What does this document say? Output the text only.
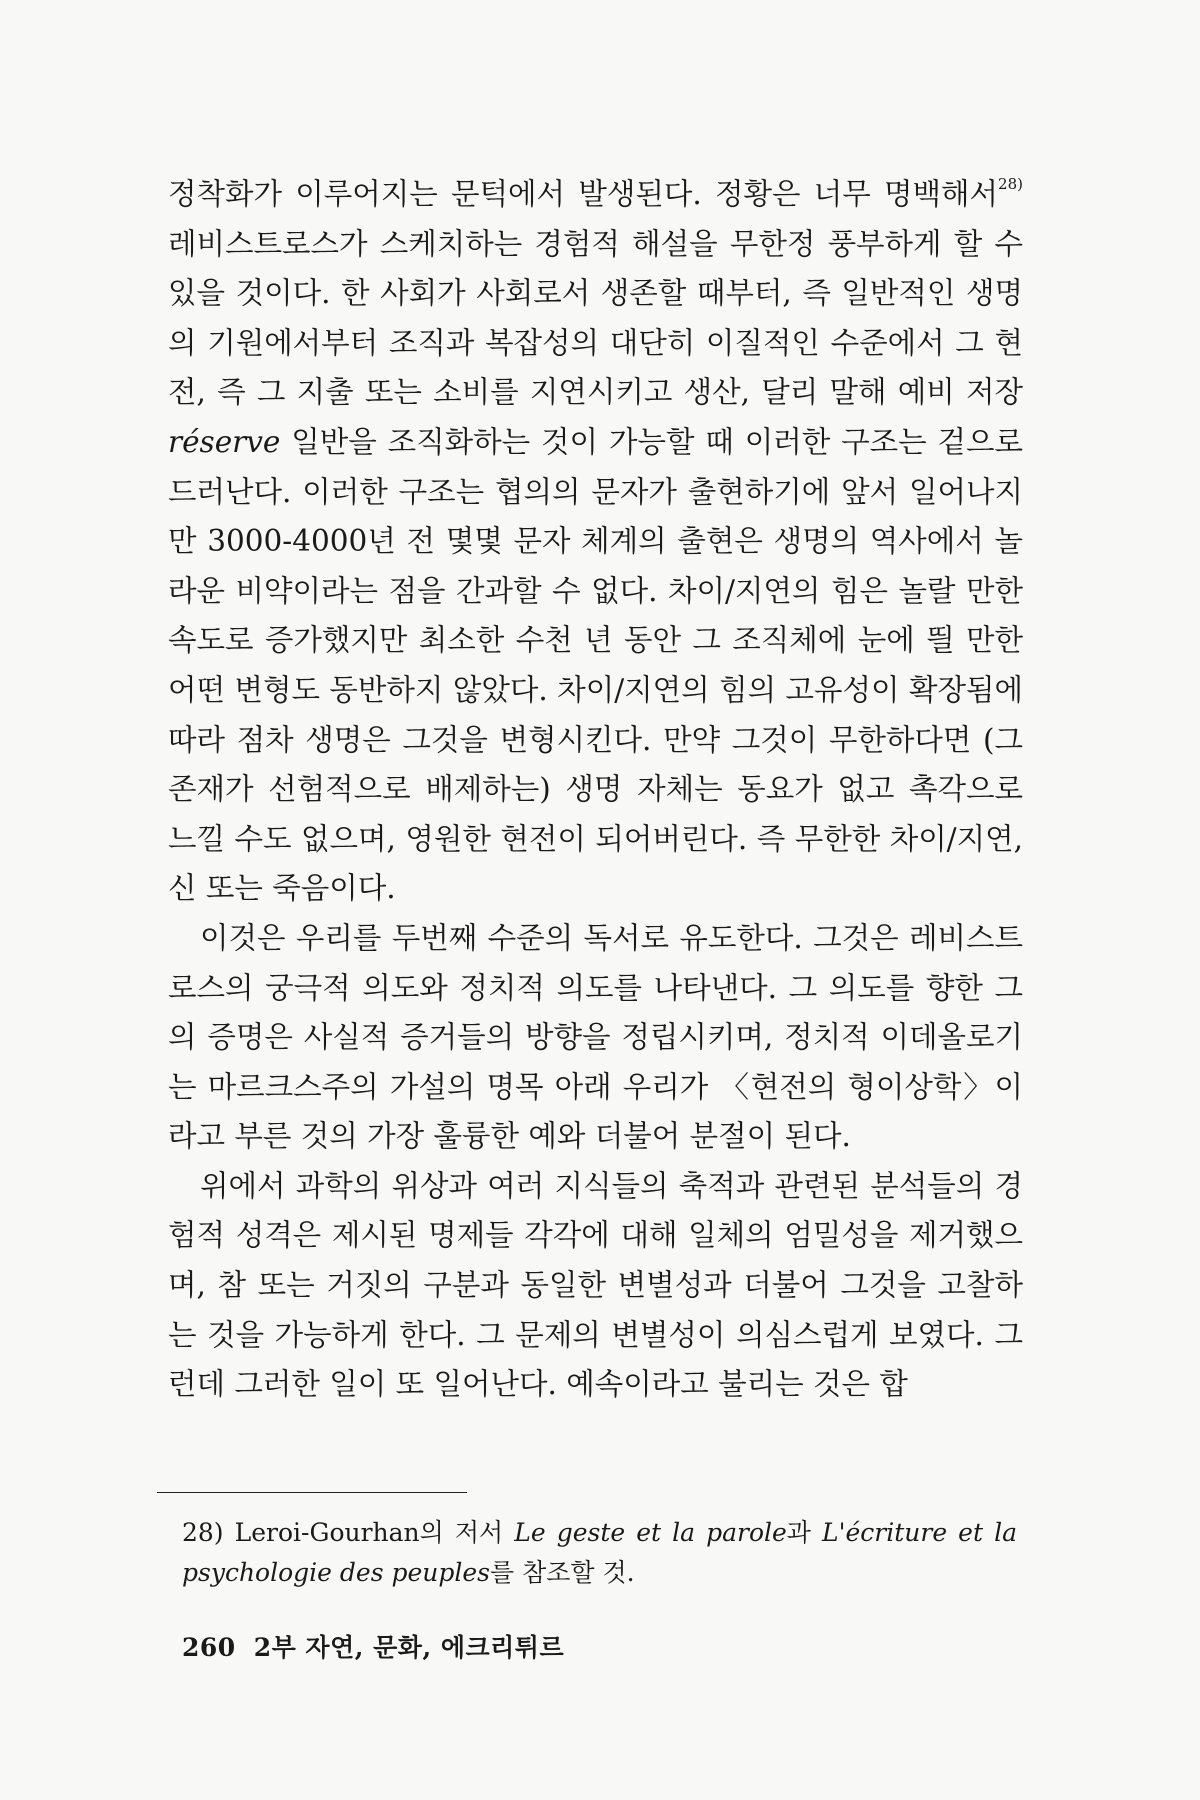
정착화가 이루어지는 문턱에서 발생된다. 정황은 너무 명백해서$^{28)}$ 레비스트로스가 스케치하는 경험적 해설을 무한정 풍부하게 할 수 있을 것이다. 한 사회가 사회로서 생존할 때부터, 즉 일반적인 생명의 기원에서부터 조직과 복잡성의 대단히 이질적인 수준에서 그 현전, 즉 그 지출 또는 소비를 지연시키고 생산, 달리 말해 예비 저장 réserve 일반을 조직화하는 것이 가능할 때 이러한 구조는 겉으로 드러난다. 이러한 구조는 협의의 문자가 출현하기에 앞서 일어나지만 3000-4000년 전 몇몇 문자 체계의 출현은 생명의 역사에서 놀라운 비약이라는 점을 간과할 수 없다. 차이/지연의 힘은 놀랄 만한 속도로 증가했지만 최소한 수천 년 동안 그 조직체에 눈에 띌 만한 어떤 변형도 동반하지 않았다. 차이/지연의 힘의 고유성이 확장됨에 따라 점차 생명은 그것을 변형시킨다. 만약 그것이 무한하다면 (그 존재가 선험적으로 배제하는) 생명 자체는 동요가 없고 촉각으로 느낄 수도 없으며, 영원한 현전이 되어버린다. 즉 무한한 차이/지연, 신 또는 죽음이다.

이것은 우리를 두번째 수준의 독서로 유도한다. 그것은 레비스트로스의 궁극적 의도와 정치적 의도를 나타낸다. 그 의도를 향한 그의 증명은 사실적 증거들의 방향을 정립시키며, 정치적 이데올로기는 마르크스주의 가설의 명목 아래 우리가 〈현전의 형이상학〉이라고 부른 것의 가장 훌륭한 예와 더불어 분절이 된다.

위에서 과학의 위상과 여러 지식들의 축적과 관련된 분석들의 경험적 성격은 제시된 명제들 각각에 대해 일체의 엄밀성을 제거했으며, 참 또는 거짓의 구분과 동일한 변별성과 더불어 그것을 고찰하는 것을 가능하게 한다. 그 문제의 변별성이 의심스럽게 보였다. 그런데 그러한 일이 또 일어난다. 예속이라고 불리는 것은 합

28) Leroi-Gourhan의 저서 Le geste et la parole과 L'écriture et la psychologie des peuples를 참조할 것.
260 2부 자연, 문화, 에크리튀르
